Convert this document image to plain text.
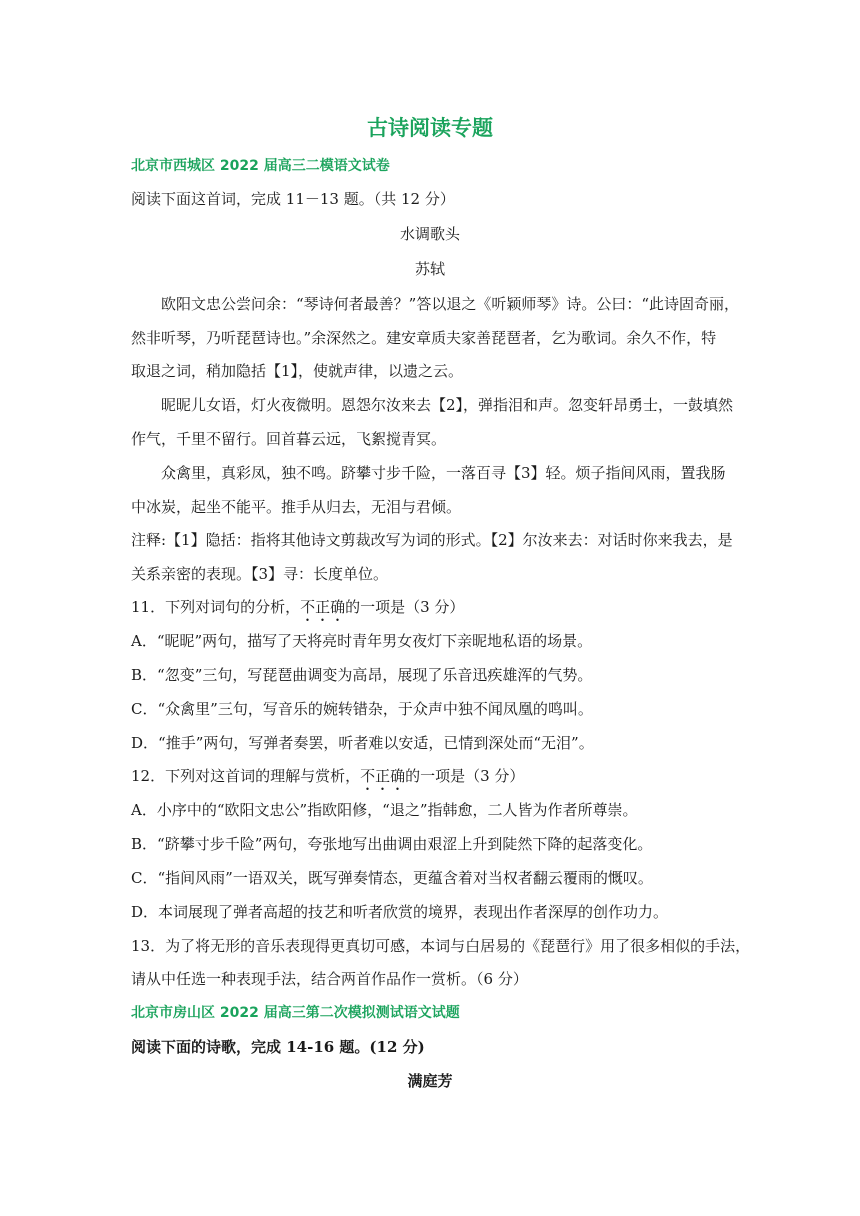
古诗阅读专题
北京市西城区 2022 届高三二模语文试卷
阅读下面这首词，完成 11－13 题。（共 12 分）
水调歌头
苏轼
欧阳文忠公尝问余：“琴诗何者最善？”答以退之《听颖师琴》诗。公曰：“此诗固奇丽，
然非听琴，乃听琵琶诗也。”余深然之。建安章质夫家善琵琶者，乞为歌词。余久不作，特
取退之词，稍加隐括【1】，使就声律，以遗之云。
昵昵儿女语，灯火夜微明。恩怨尔汝来去【2】，弹指泪和声。忽变轩昂勇士，一鼓填然
作气，千里不留行。回首暮云远，飞絮搅青冥。
众禽里，真彩凤，独不鸣。跻攀寸步千险，一落百寻【3】轻。烦子指间风雨，置我肠
中冰炭，起坐不能平。推手从归去，无泪与君倾。
注释:【1】隐括：指将其他诗文剪裁改写为词的形式。【2】尔汝来去：对话时你来我去，是
关系亲密的表现。【3】寻：长度单位。
11．下列对词句的分析，不正确的一项是（3 分）
A．“昵昵”两句，描写了天将亮时青年男女夜灯下亲昵地私语的场景。
B．“忽变”三句，写琵琶曲调变为高昂，展现了乐音迅疾雄浑的气势。
C．“众禽里”三句，写音乐的婉转错杂，于众声中独不闻凤凰的鸣叫。
D．“推手”两句，写弹者奏罢，听者难以安适，已情到深处而“无泪”。
12．下列对这首词的理解与赏析，不正确的一项是（3 分）
A．小序中的“欧阳文忠公”指欧阳修，“退之”指韩愈，二人皆为作者所尊崇。
B．“跻攀寸步千险”两句，夸张地写出曲调由艰涩上升到陡然下降的起落变化。
C．“指间风雨”一语双关，既写弹奏情态，更蕴含着对当权者翻云覆雨的慨叹。
D．本词展现了弹者高超的技艺和听者欣赏的境界，表现出作者深厚的创作功力。
13．为了将无形的音乐表现得更真切可感，本词与白居易的《琵琶行》用了很多相似的手法，
请从中任选一种表现手法，结合两首作品作一赏析。（6 分）
北京市房山区 2022 届高三第二次模拟测试语文试题
阅读下面的诗歌，完成 14-16 题。(12 分)
满庭芳
